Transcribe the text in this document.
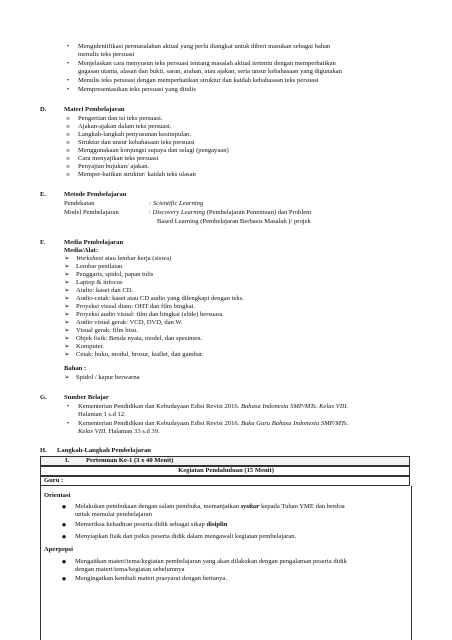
•	Mengidentifikasi permasalahan aktual yang perlu diangkat untuk diberi masukan sebagai bahan
menulis teks persuasi
•	Menjelaskan cara menyusun teks persuasi tentang masalah aktual tertentu dengan memperhatikan
gagasan utama, alasan dan bukti, saran, arahan, atau ajakan, serta unsur kebahasaan yang digunakan
•	Menulis teks persuasi dengan memperhatikan struktur dan kaidah kebahasaan teks persuasi
•	Mempresentasikan teks persuasi yang ditulis
D.	Materi Pembelajaran
o	Pengertian dan isi teks persuasi.
o	Ajakan-ajakan dalam teks persuasi.
o	Langkah-langkah penyusunan kesimpulan.
o	Struktur dan unsur kebahasaan teks persuasi
o	Menggunakaan konjungsi supaya dan selagi (pengayaan)
o	Cara menyajikan teks persuasi
o	Penyajian bujukan/ ajakan.
o	Memper-hatikan struktur/ kaidah teks ulasan
E.	Metode Pembelajaran
Pendekatan	: Scientific Learning
Model Pembelajaran	: Discovery Learning (Pembelajaran Penemuan) dan Problem
Based Learning (Pembelajaran Berbasis Masalah )/ projek
F.	Media Pembelajaran
Media/Alat:
➢ Worksheet atau lembar kerja (siswa)
➢ Lembar penilaian
➢ Penggaris, spidol, papan tulis
➢ Laptop & infocus
➢ Audio: kaset dan CD.
➢ Audio-cetak: kaset atau CD audio yang dilengkapi dengan teks.
➢ Proyeksi visual diam: OHT dan film bingkai.
➢ Proyeksi audio visual: film dan bingkai (slide) bersuara.
➢ Audio visual gerak: VCD, DVD, dan W.
➢ Visual gerak: film bisu.
➢ Objek fisik: Benda nyata, model, dan spesimen.
➢ Komputer.
➢ Cetak: buku, modul, brosur, leaflet, dan gambar.
Bahan :
➢ Spidol / kapur berwarna
G.	Sumber Belajar
•	Kementerian Pendidikan dan Kebudayaan Edisi Revisi 2016. Bahasa Indonesia SMP/MTs. Kelas VIII.
Halaman 1 s.d 12.
•	Kementerian Pendidikan dan Kebudayaan Edisi Revisi 2016. Buku Guru Bahasa Indonesia SMP/MTs.
Kelas VIII. Halaman 33 s.d 39.
H. Langkah-Langkah Pembelajaran
I.	Pertemuan Ke-1 (3 x 40 Menit)
Kegiatan Pendahuluan (15 Menit)
Guru :
Orientasi
● Melakukan pembukaan dengan salam pembuka, memanjatkan syukur kepada Tuhan YME dan berdoa
untuk memulai pembelajaran
● Memeriksa kehadiran peserta didik sebagai sikap disiplin
● Menyiapkan fisik dan psikis peserta didik dalam mengawali kegiatan pembelajaran.
Aperpepsi
● Mengaitkan materi/tema/kegiatan pembelajaran yang akan dilakukan dengan pengalaman peserta didik
dengan materi/tema/kegiatan sebelumnya
● Mengingatkan kembali materi prasyarat dengan bertanya.
